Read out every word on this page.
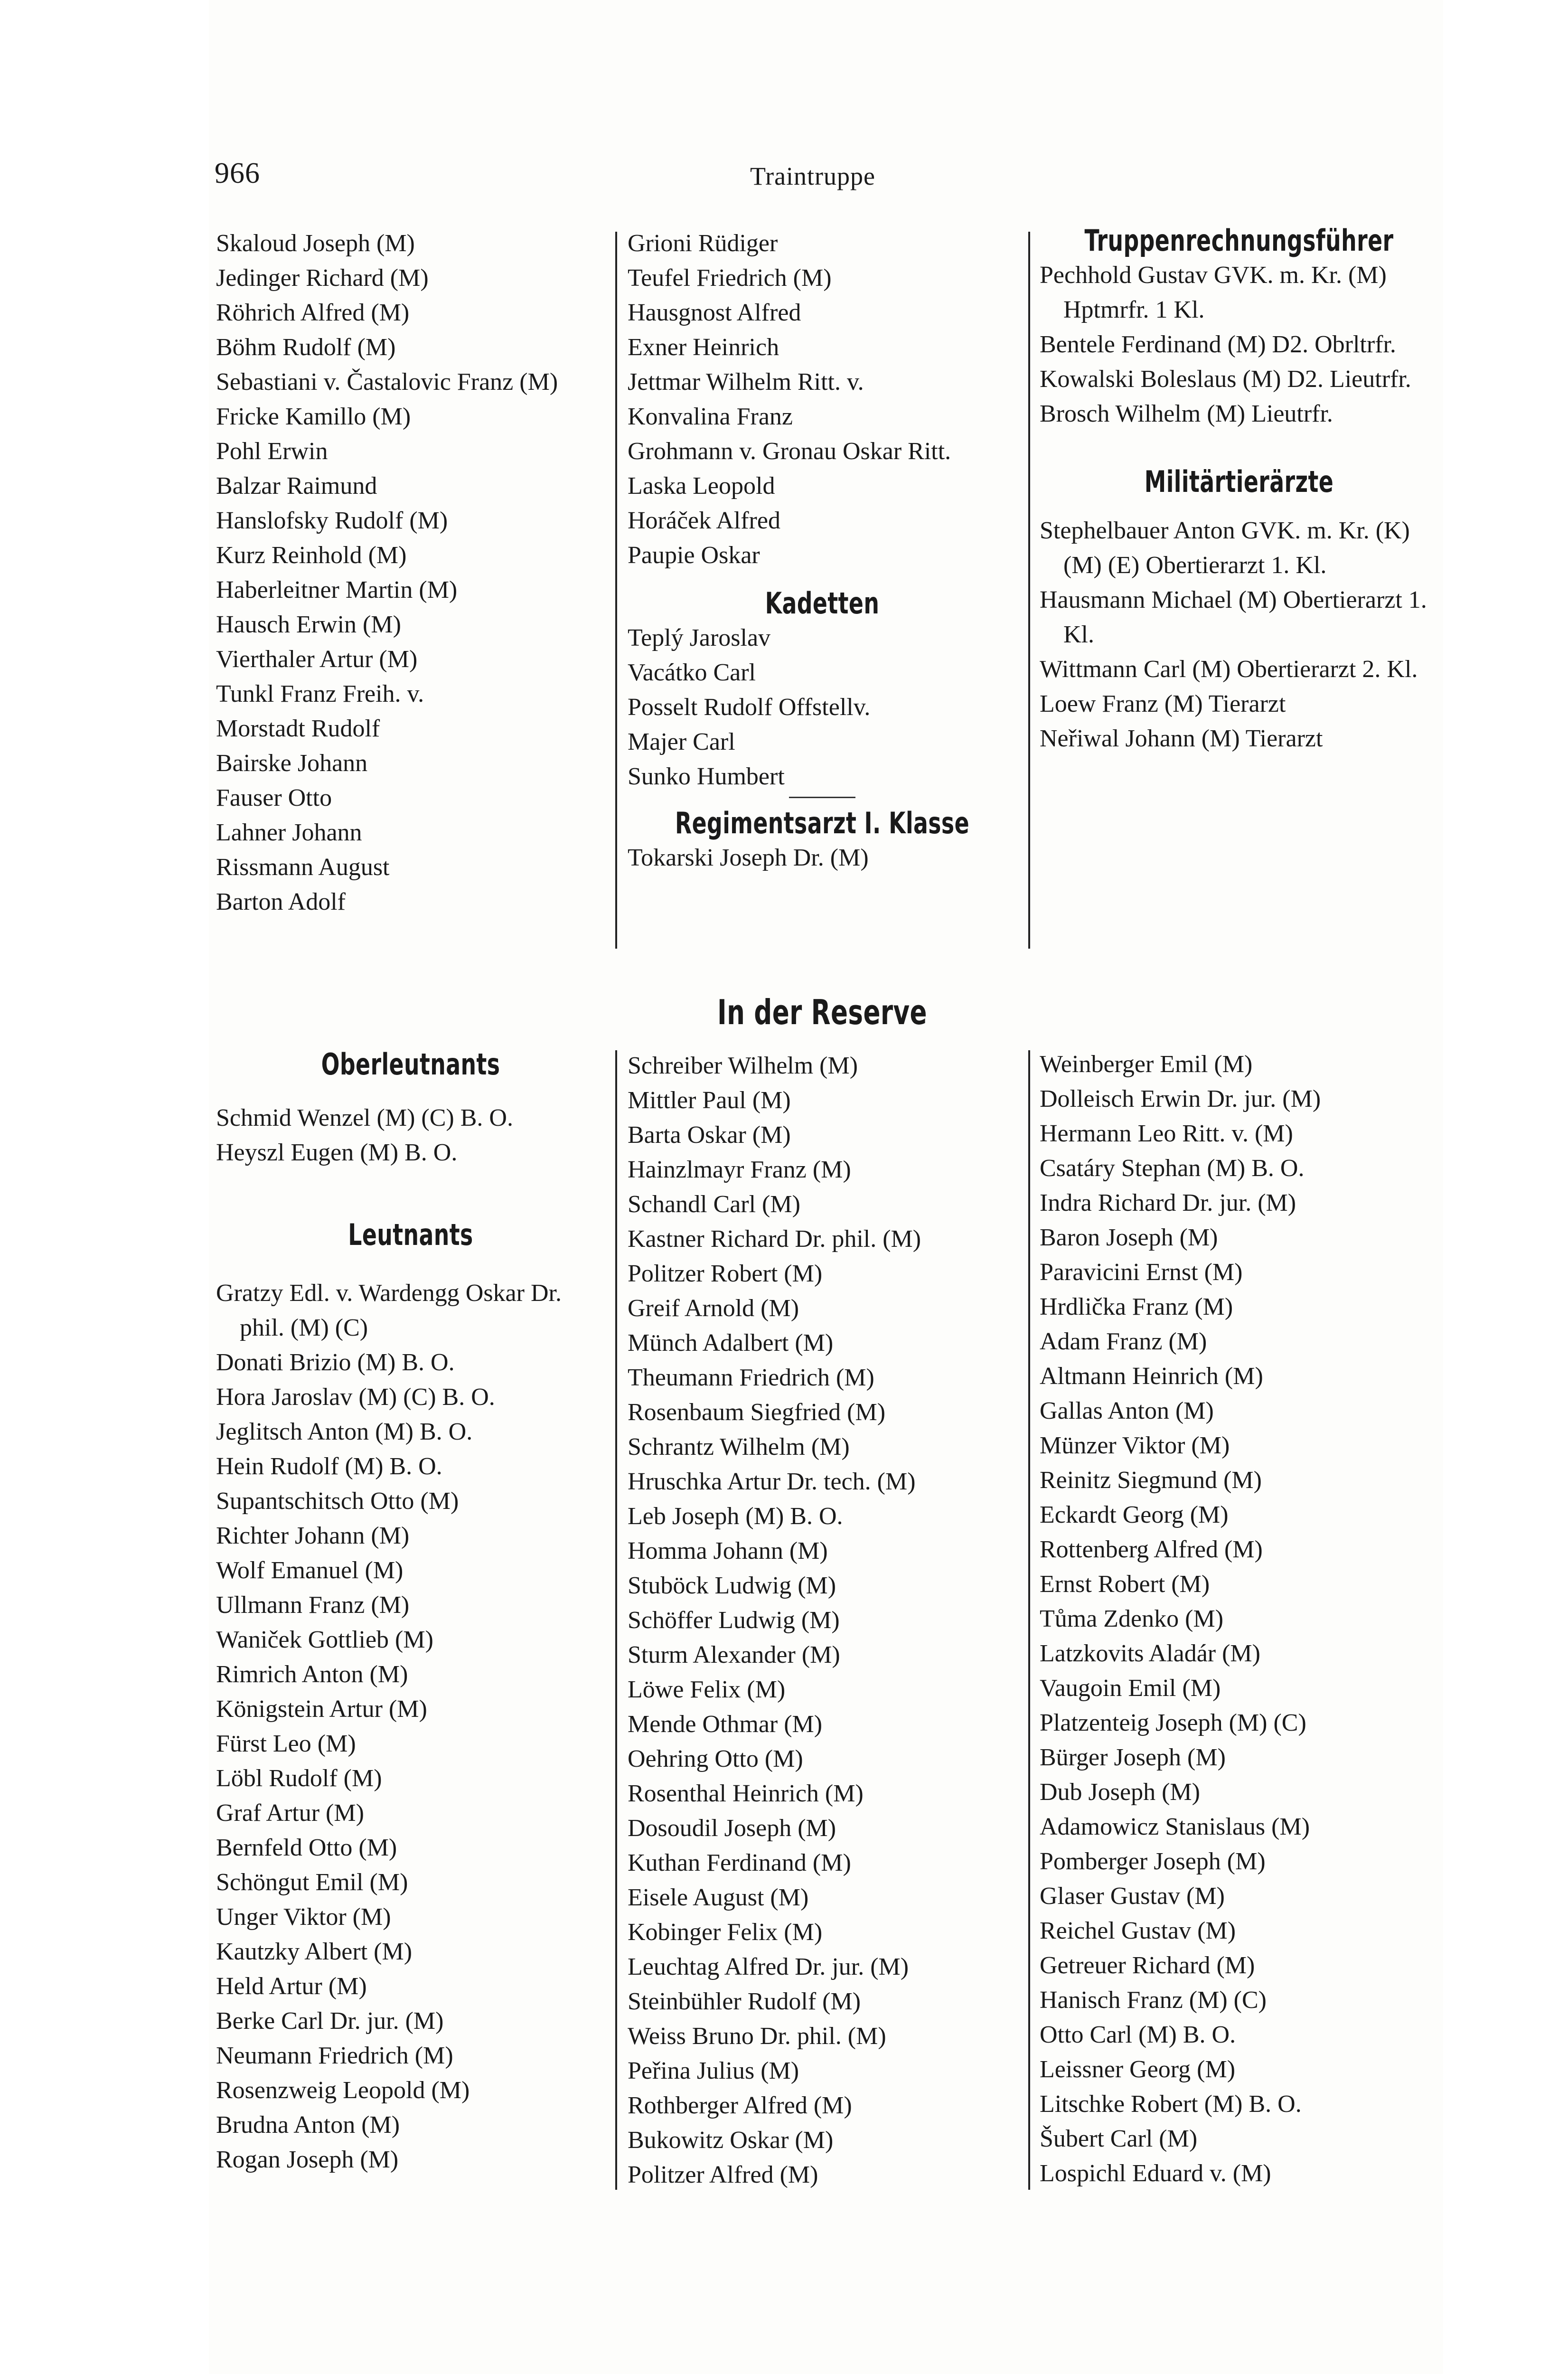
966	Traintruppe

Skaloud Joseph (M)

Jedinger Richard (M)

Röhrich Alfred (M)

Böhm Rudolf (M)

Sebastiani v. Častalovic Franz (M)

Fricke Kamillo (M)

Pohl Erwin

Balzar Raimund

Hanslofsky Rudolf (M)

Kurz Reinhold (M)

Haberleitner Martin (M)

Hausch Erwin (M)

Vierthaler Artur (M)

Tunkl Franz Freih. v.

Morstadt Rudolf

Bairske Johann

Fauser Otto

Lahner Johann

Rissmann August

Barton Adolf

Grioni Rüdiger

Teufel Friedrich (M)

Hausgnost Alfred

Exner Heinrich

Jettmar Wilhelm Ritt. v.

Konvalina Franz

Grohmann v. Gronau Oskar Ritt.

Laska Leopold

Horáček Alfred

Paupie Oskar

Kadetten

Teplý Jaroslav

Vacátko Carl

Posselt Rudolf Offstellv.

Majer Carl

Sunko Humbert

Regimentsarzt I. Klasse

Tokarski Joseph Dr. (M)

Truppenrechnungsführer

Pechhold Gustav GVK. m. Kr. (M) Hptmrfr. 1 Kl.

Bentele Ferdinand (M) D2. Obrltrfr.

Kowalski Boleslaus (M) D2. Lieutrfr.

Brosch Wilhelm (M) Lieutrfr.

Militärtierärzte

Stephelbauer Anton GVK. m. Kr. (K) (M) (E) Obertierarzt 1. Kl.

Hausmann Michael (M) Obertierarzt 1. Kl.

Wittmann Carl (M) Obertierarzt 2. Kl.

Loew Franz (M) Tierarzt

Neřiwal Johann (M) Tierarzt

In der Reserve
Oberleutnants

Schmid Wenzel (M) (C) B. O.

Heyszl Eugen (M) B. O.

Leutnants

Gratzy Edl. v. Wardengg Oskar Dr. phil. (M) (C)

Donati Brizio (M) B. O.

Hora Jaroslav (M) (C) B. O.

Jeglitsch Anton (M) B. O.

Hein Rudolf (M) B. O.

Supantschitsch Otto (M)

Richter Johann (M)

Wolf Emanuel (M)

Ullmann Franz (M)

Waniček Gottlieb (M)

Rimrich Anton (M)

Königstein Artur (M)

Fürst Leo (M)

Löbl Rudolf (M)

Graf Artur (M)

Bernfeld Otto (M)

Schöngut Emil (M)

Unger Viktor (M)

Kautzky Albert (M)

Held Artur (M)

Berke Carl Dr. jur. (M)

Neumann Friedrich (M)

Rosenzweig Leopold (M)

Brudna Anton (M)

Rogan Joseph (M)

Schreiber Wilhelm (M)

Mittler Paul (M)

Barta Oskar (M)

Hainzlmayr Franz (M)

Schandl Carl (M)

Kastner Richard Dr. phil. (M)

Politzer Robert (M)

Greif Arnold (M)

Münch Adalbert (M)

Theumann Friedrich (M)

Rosenbaum Siegfried (M)

Schrantz Wilhelm (M)

Hruschka Artur Dr. tech. (M)

Leb Joseph (M) B. O.

Homma Johann (M)

Stuböck Ludwig (M)

Schöffer Ludwig (M)

Sturm Alexander (M)

Löwe Felix (M)

Mende Othmar (M)

Oehring Otto (M)

Rosenthal Heinrich (M)

Dosoudil Joseph (M)

Kuthan Ferdinand (M)

Eisele August (M)

Kobinger Felix (M)

Leuchtag Alfred Dr. jur. (M)

Steinbühler Rudolf (M)

Weiss Bruno Dr. phil. (M)

Peřina Julius (M)

Rothberger Alfred (M)

Bukowitz Oskar (M)

Politzer Alfred (M)

Weinberger Emil (M)

Dolleisch Erwin Dr. jur. (M)

Hermann Leo Ritt. v. (M)

Csatáry Stephan (M) B. O.

Indra Richard Dr. jur. (M)

Baron Joseph (M)

Paravicini Ernst (M)

Hrdlička Franz (M)

Adam Franz (M)

Altmann Heinrich (M)

Gallas Anton (M)

Münzer Viktor (M)

Reinitz Siegmund (M)

Eckardt Georg (M)

Rottenberg Alfred (M)

Ernst Robert (M)

Tůma Zdenko (M)

Latzkovits Aladár (M)

Vaugoin Emil (M)

Platzenteig Joseph (M) (C)

Bürger Joseph (M)

Dub Joseph (M)

Adamowicz Stanislaus (M)

Pomberger Joseph (M)

Glaser Gustav (M)

Reichel Gustav (M)

Getreuer Richard (M)

Hanisch Franz (M) (C)

Otto Carl (M) B. O.

Leissner Georg (M)

Litschke Robert (M) B. O.

Šubert Carl (M)

Lospichl Eduard v. (M)
